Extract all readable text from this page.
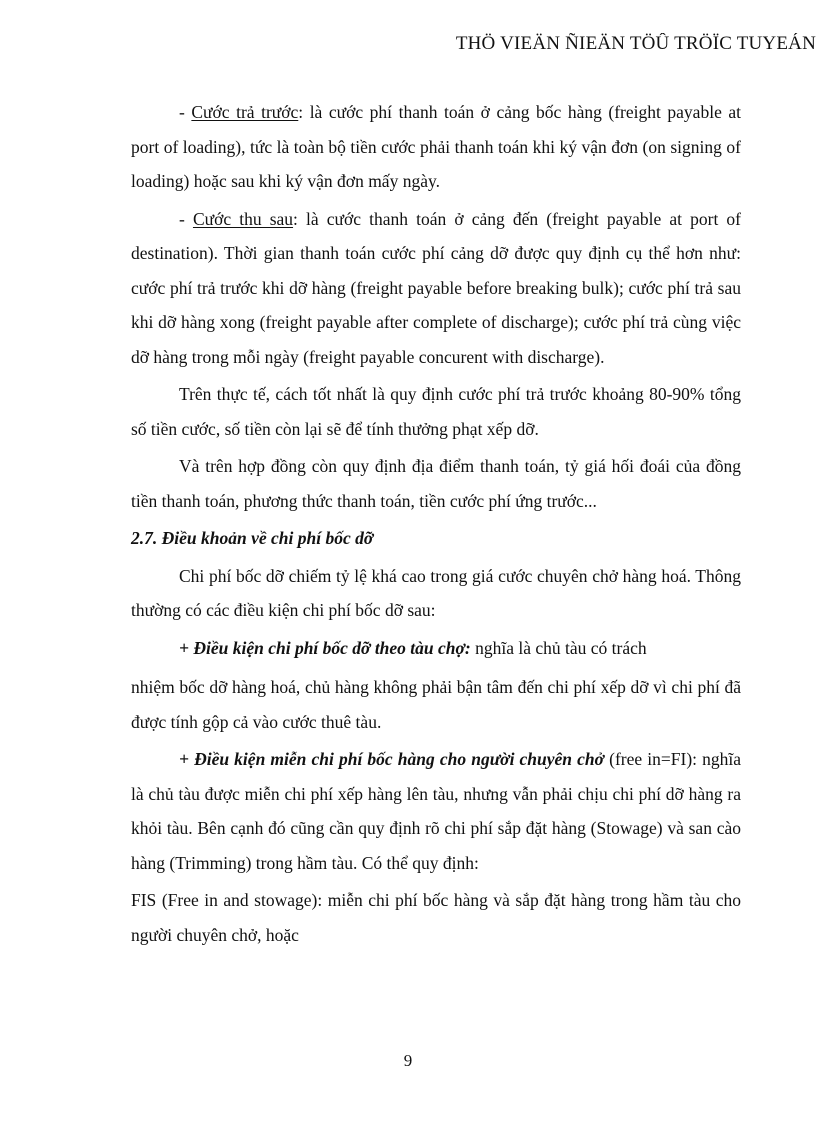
THÖ VIEÄN ÑIEÄN TÖÛ TRÖÏC TUYEÁN

- Cước trả trước: là cước phí thanh toán ở cảng bốc hàng (freight payable at port of loading), tức là toàn bộ tiền cước phải thanh toán khi ký vận đơn (on signing of loading) hoặc sau khi ký vận đơn mấy ngày.

- Cước thu sau: là cước thanh toán ở cảng đến (freight payable at port of destination). Thời gian thanh toán cước phí cảng dỡ được quy định cụ thể hơn như: cước phí trả trước khi dỡ hàng (freight payable before breaking bulk); cước phí trả sau khi dỡ hàng xong (freight payable after complete of discharge); cước phí trả cùng việc dỡ hàng trong mỗi ngày (freight payable concurent with discharge).

Trên thực tế, cách tốt nhất là quy định cước phí trả trước khoảng 80-90% tổng số tiền cước, số tiền còn lại sẽ để tính thưởng phạt xếp dỡ.

Và trên hợp đồng còn quy định địa điểm thanh toán, tỷ giá hối đoái của đồng tiền thanh toán, phương thức thanh toán, tiền cước phí ứng trước...

2.7. Điều khoản về chi phí bốc dỡ

Chi phí bốc dỡ chiếm tỷ lệ khá cao trong giá cước chuyên chở hàng hoá. Thông thường có các điều kiện chi phí bốc dỡ sau:

+ Điều kiện chi phí bốc dỡ theo tàu chợ: nghĩa là chủ tàu có trách

nhiệm bốc dỡ hàng hoá, chủ hàng không phải bận tâm đến chi phí xếp dỡ vì chi phí đã được tính gộp cả vào cước thuê tàu.

+ Điều kiện miễn chi phí bốc hàng cho người chuyên chở (free in=FI): nghĩa là chủ tàu được miễn chi phí xếp hàng lên tàu, nhưng vẫn phải chịu chi phí dỡ hàng ra khỏi tàu. Bên cạnh đó cũng cần quy định rõ chi phí sắp đặt hàng (Stowage) và san cào hàng (Trimming) trong hầm tàu. Có thể quy định:

FIS (Free in and stowage): miễn chi phí bốc hàng và sắp đặt hàng trong hầm tàu cho người chuyên chở, hoặc

9
